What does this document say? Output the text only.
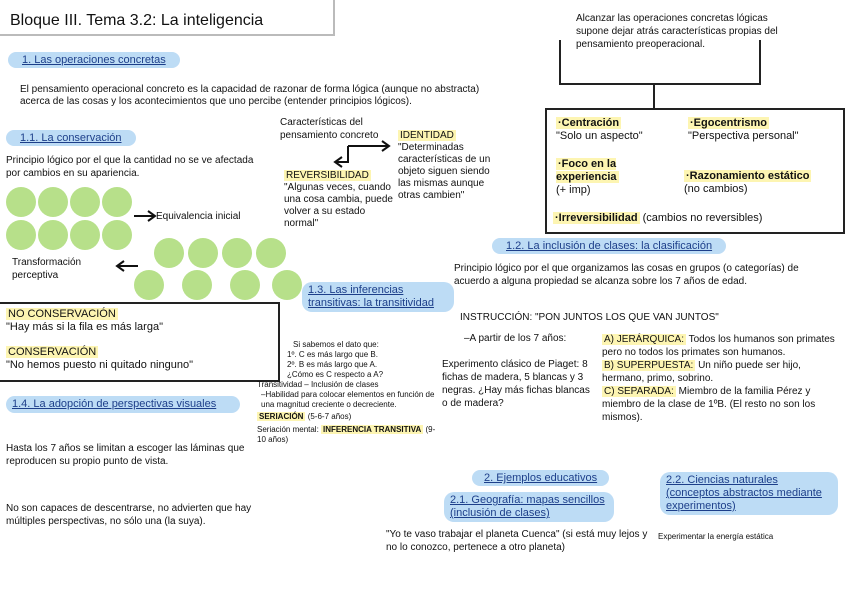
Bloque III. Tema 3.2: La inteligencia	Alcanzar las operaciones concretas lógicas supone dejar atrás características propias del pensamiento preoperacional.
·Centración
"Solo un aspecto"
·Egocentrismo
"Perspectiva personal"
·Foco en la experiencia
(+ imp)
·Razonamiento estático
(no cambios)
·Irreversibilidad (cambios no reversibles)
1. Las operaciones concretas
El pensamiento operacional concreto es la capacidad de razonar de forma lógica (aunque no abstracta) acerca de las cosas y los acontecimientos que uno percibe (entender principios lógicos).
1.1. La conservación
Principio lógico por el que la cantidad no se ve afectada por cambios en su apariencia.
Equivalencia inicial
Transformación perceptiva
NO CONSERVACIÓN
"Hay más si la fila es más larga"
CONSERVACIÓN
"No hemos puesto ni quitado ninguno"
Características del pensamiento concreto	IDENTIDAD
"Determinadas características de un objeto siguen siendo las mismas aunque otras cambien"
REVERSIBILIDAD
"Algunas veces, cuando una cosa cambia, puede volver a su estado normal"
1.3. Las inferencias transitivas: la transitividad
Si sabemos el dato que:
1º. C es más largo que B.
2º. B es más largo que A.
¿Cómo es C respecto a A?
Transitividad – Inclusión de clases
–Habilidad para colocar elementos en función de una magnitud creciente o decreciente.
SERIACIÓN (5-6-7 años)
Seriación mental: INFERENCIA TRANSITIVA (9-10 años)
1.4. La adopción de perspectivas visuales
Hasta los 7 años se limitan a escoger las láminas que reproducen su propio punto de vista.
No son capaces de descentrarse, no advierten que hay múltiples perspectivas, no sólo una (la suya).
1.2. La inclusión de clases: la clasificación
Principio lógico por el que organizamos las cosas en grupos (o categorías) de acuerdo a alguna propiedad se alcanza sobre los 7 años de edad.
INSTRUCCIÓN: "PON JUNTOS LOS QUE VAN JUNTOS"
–A partir de los 7 años:	A) JERÁRQUICA: Todos los humanos son primates pero no todos los primates son humanos.
B) SUPERPUESTA: Un niño puede ser hijo, hermano, primo, sobrino.
C) SEPARADA: Miembro de la familia Pérez y miembro de la clase de 1ºB. (El resto no son los mismos).
Experimento clásico de Piaget: 8 fichas de madera, 5 blancas y 3 negras. ¿Hay más fichas blancas o de madera?
2. Ejemplos educativos
2.1. Geografía: mapas sencillos (inclusión de clases)
"Yo te vaso trabajar el planeta Cuenca" (si está muy lejos y no lo conozco, pertenece a otro planeta)
2.2. Ciencias naturales (conceptos abstractos mediante experimentos)
Experimentar la energía estática
